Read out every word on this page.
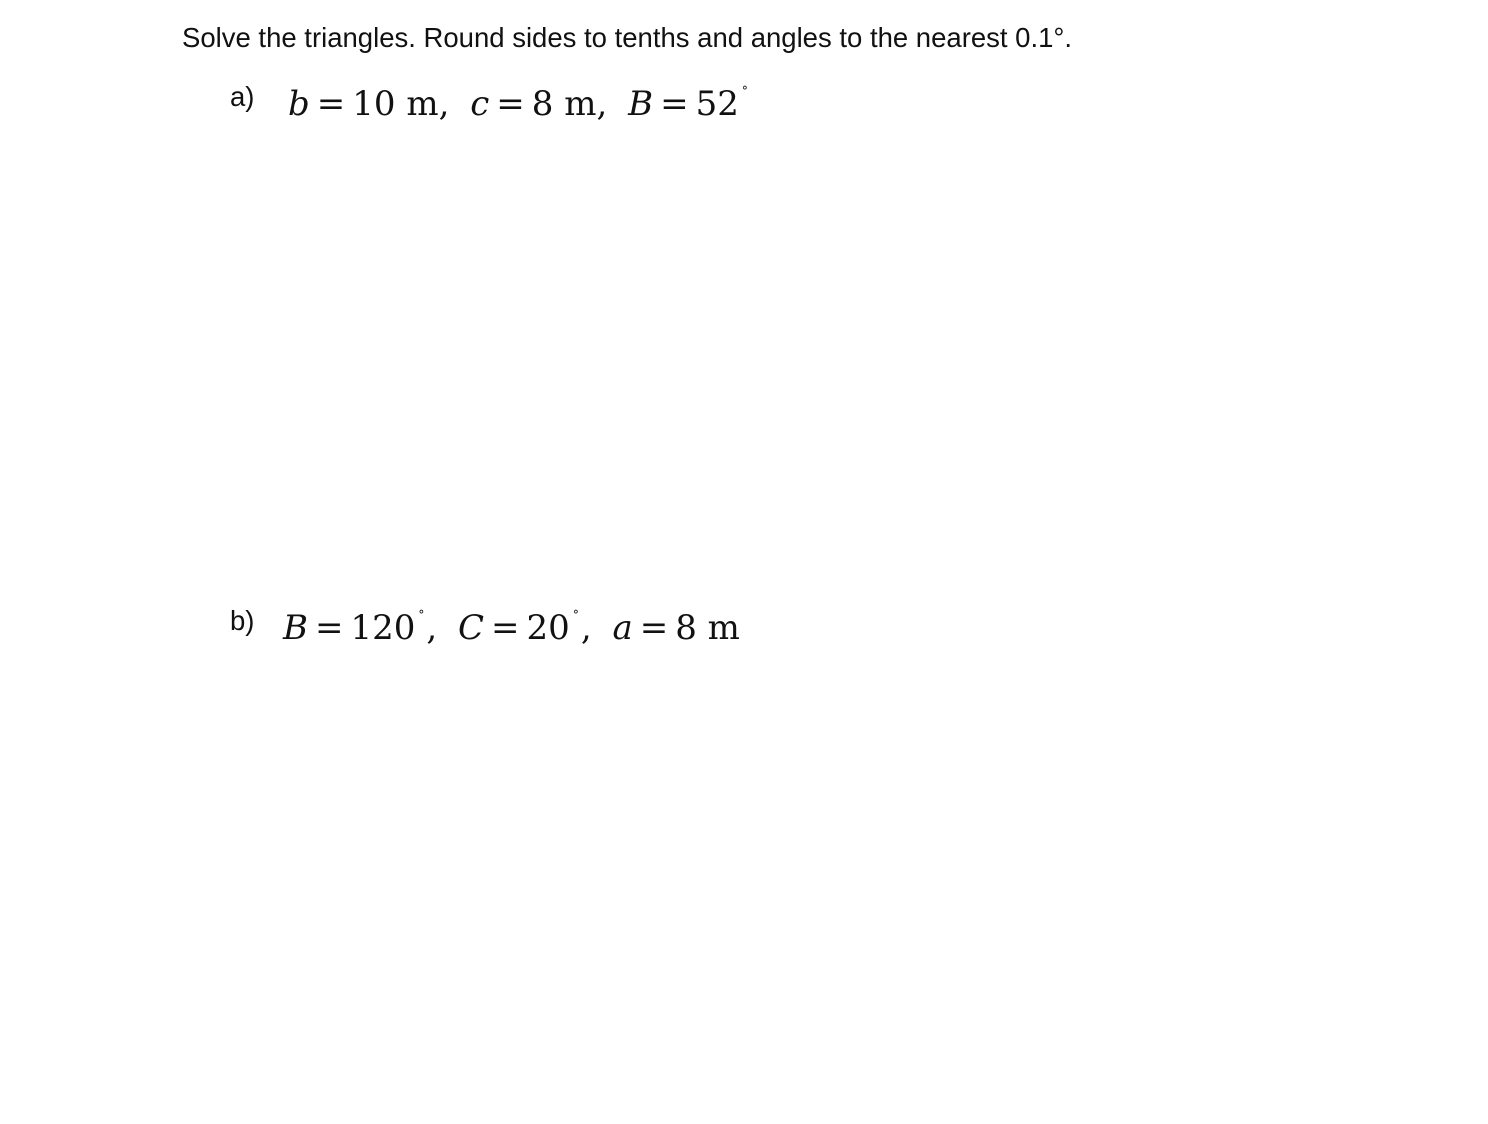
Solve the triangles. Round sides to tenths and angles to the nearest 0.1°.
a) b = 10 m, c = 8 m, B = 52 °
b) B = 120 °, C = 20 °, a = 8 m
